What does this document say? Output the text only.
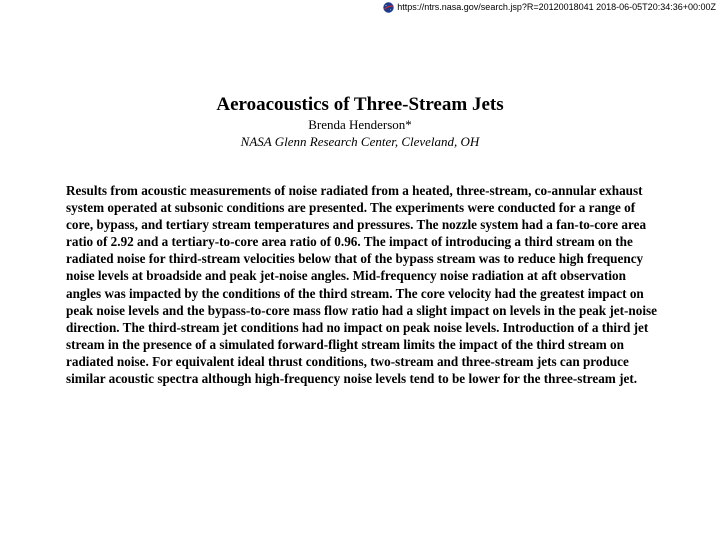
https://ntrs.nasa.gov/search.jsp?R=20120018041 2018-06-05T20:34:36+00:00Z
Aeroacoustics of Three-Stream Jets

Brenda Henderson*

NASA Glenn Research Center, Cleveland, OH

Results from acoustic measurements of noise radiated from a heated, three-stream, co-annular exhaust system operated at subsonic conditions are presented. The experiments were conducted for a range of core, bypass, and tertiary stream temperatures and pressures. The nozzle system had a fan-to-core area ratio of 2.92 and a tertiary-to-core area ratio of 0.96. The impact of introducing a third stream on the radiated noise for third-stream velocities below that of the bypass stream was to reduce high frequency noise levels at broadside and peak jet-noise angles. Mid-frequency noise radiation at aft observation angles was impacted by the conditions of the third stream. The core velocity had the greatest impact on peak noise levels and the bypass-to-core mass flow ratio had a slight impact on levels in the peak jet-noise direction. The third-stream jet conditions had no impact on peak noise levels. Introduction of a third jet stream in the presence of a simulated forward-flight stream limits the impact of the third stream on radiated noise. For equivalent ideal thrust conditions, two-stream and three-stream jets can produce similar acoustic spectra although high-frequency noise levels tend to be lower for the three-stream jet.
